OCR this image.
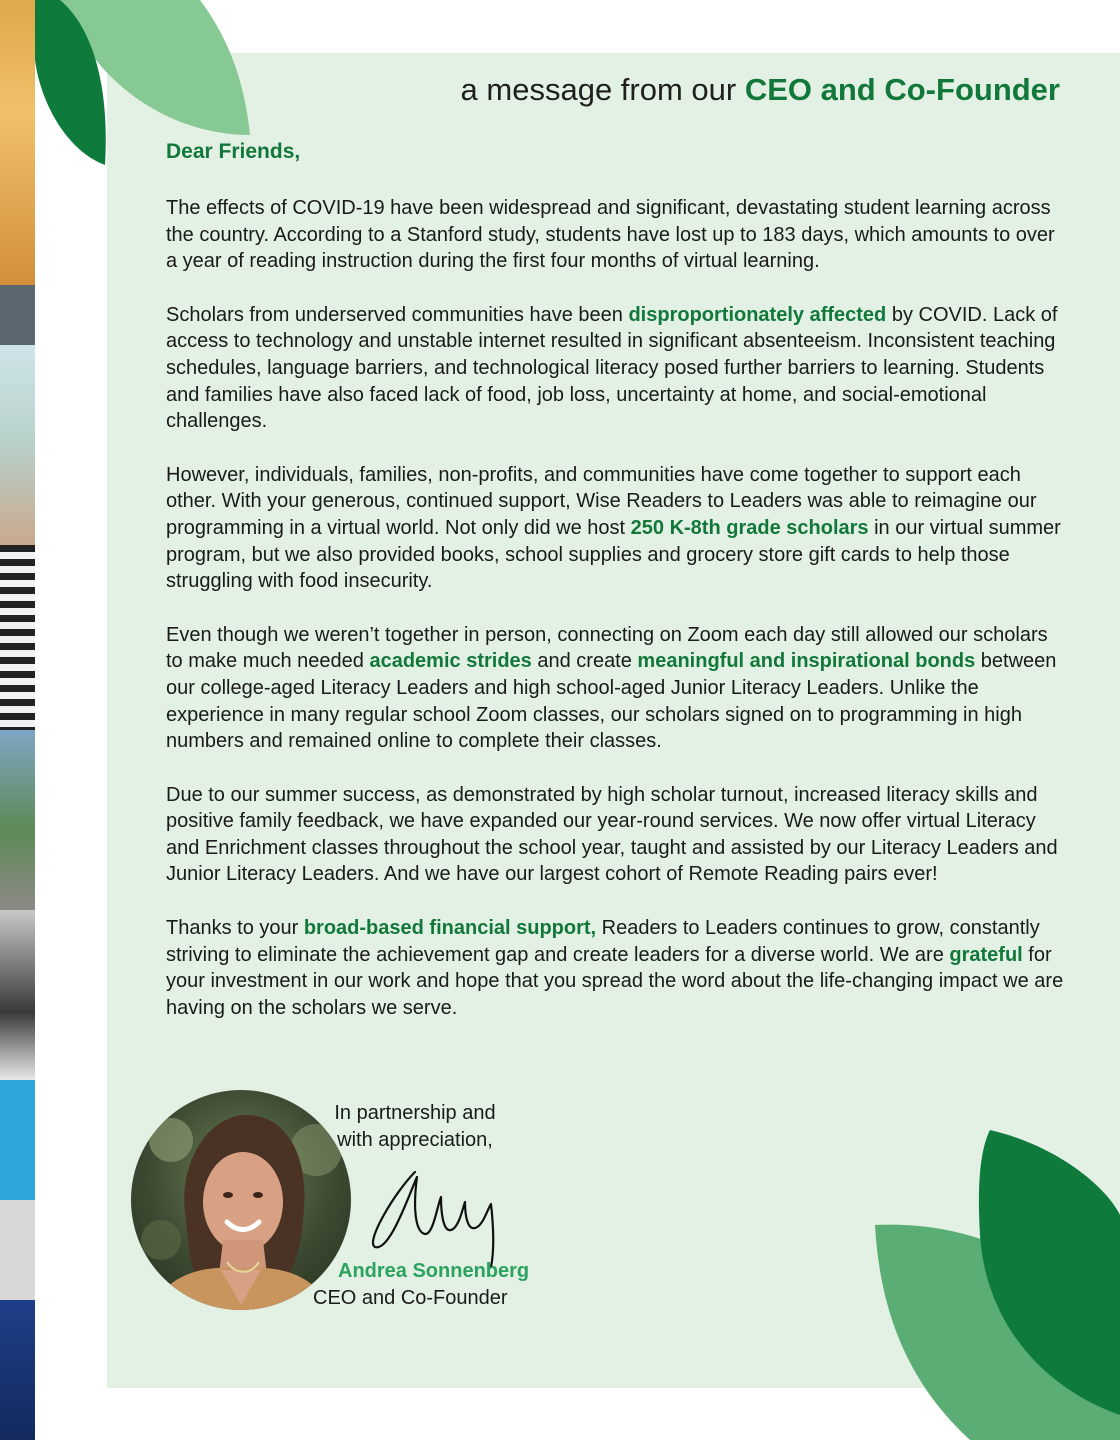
a message from our CEO and Co-Founder

Dear Friends,

The effects of COVID-19 have been widespread and significant, devastating student learning across the country. According to a Stanford study, students have lost up to 183 days, which amounts to over a year of reading instruction during the first four months of virtual learning.

Scholars from underserved communities have been disproportionately affected by COVID. Lack of access to technology and unstable internet resulted in significant absenteeism. Inconsistent teaching schedules, language barriers, and technological literacy posed further barriers to learning. Students and families have also faced lack of food, job loss, uncertainty at home, and social-emotional challenges.

However, individuals, families, non-profits, and communities have come together to support each other. With your generous, continued support, Wise Readers to Leaders was able to reimagine our programming in a virtual world. Not only did we host 250 K-8th grade scholars in our virtual summer program, but we also provided books, school supplies and grocery store gift cards to help those struggling with food insecurity.

Even though we weren’t together in person, connecting on Zoom each day still allowed our scholars to make much needed academic strides and create meaningful and inspirational bonds between our college-aged Literacy Leaders and high school-aged Junior Literacy Leaders. Unlike the experience in many regular school Zoom classes, our scholars signed on to programming in high numbers and remained online to complete their classes.

Due to our summer success, as demonstrated by high scholar turnout, increased literacy skills and positive family feedback, we have expanded our year-round services. We now offer virtual Literacy and Enrichment classes throughout the school year, taught and assisted by our Literacy Leaders and Junior Literacy Leaders. And we have our largest cohort of Remote Reading pairs ever!

Thanks to your broad-based financial support, Readers to Leaders continues to grow, constantly striving to eliminate the achievement gap and create leaders for a diverse world. We are grateful for your investment in our work and hope that you spread the word about the life-changing impact we are having on the scholars we serve.

In partnership and
with appreciation,

Andrea Sonnenberg

CEO and Co-Founder
